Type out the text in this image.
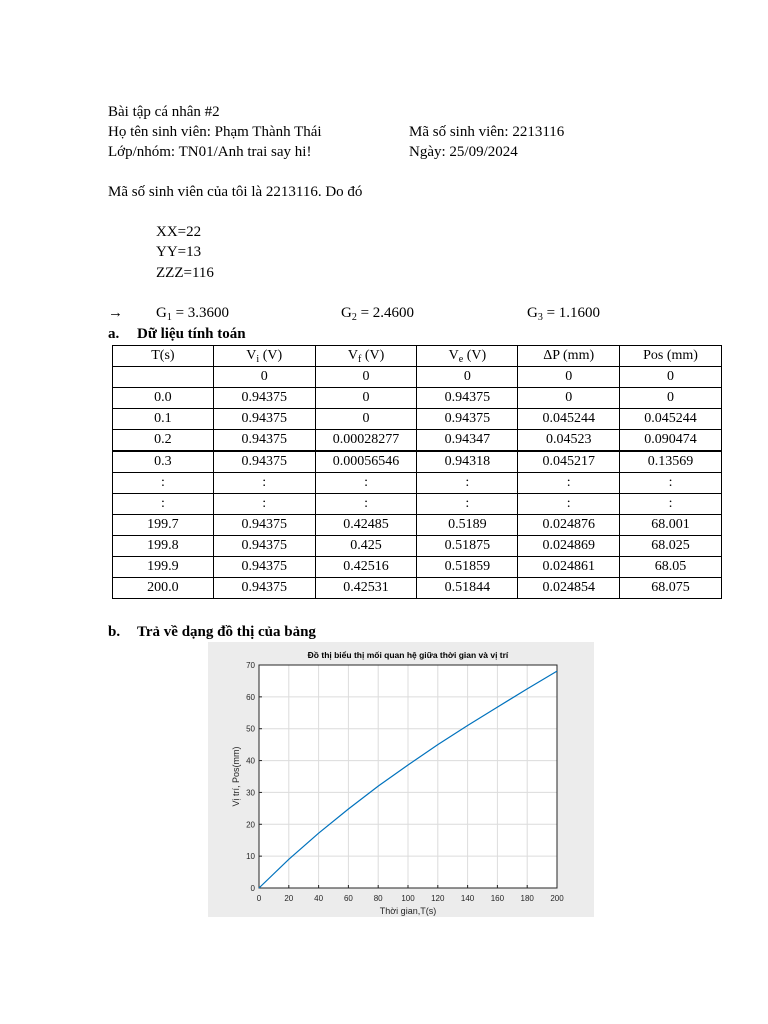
Bài tập cá nhân #2
Họ tên sinh viên: Phạm Thành Thái	Mã số sinh viên: 2213116
Lớp/nhóm: TN01/Anh trai say hi!	Ngày: 25/09/2024
Mã số sinh viên của tôi là 2213116. Do đó
XX=22
YY=13
ZZZ=116
→ $G_1 = 3.3600$	$G_2 = 2.4600$	$G_3 = 1.1600$
a. Dữ liệu tính toán
T(s)	$V_i$ (V)	$V_f$ (V)	$V_e$ (V)	ΔP (mm)	Pos (mm)
	0	0	0	0	0
0.0	0.94375	0	0.94375	0	0
0.1	0.94375	0	0.94375	0.045244	0.045244
0.2	0.94375	0.00028277	0.94347	0.04523	0.090474
0.3	0.94375	0.00056546	0.94318	0.045217	0.13569
:	:	:	:	:	:
:	:	:	:	:	:
199.7	0.94375	0.42485	0.5189	0.024876	68.001
199.8	0.94375	0.425	0.51875	0.024869	68.025
199.9	0.94375	0.42516	0.51859	0.024861	68.05
200.0	0.94375	0.42531	0.51844	0.024854	68.075
b. Trả về dạng đồ thị của bảng
0	20	40	60	80 100 120 140 160 180 200
0
10
20
30
40
50
60
70
Đồ thị biểu thị mối quan hệ giữa thời gian và vị trí
Thời gian,T(s)
Vị trí, Pos(mm)
